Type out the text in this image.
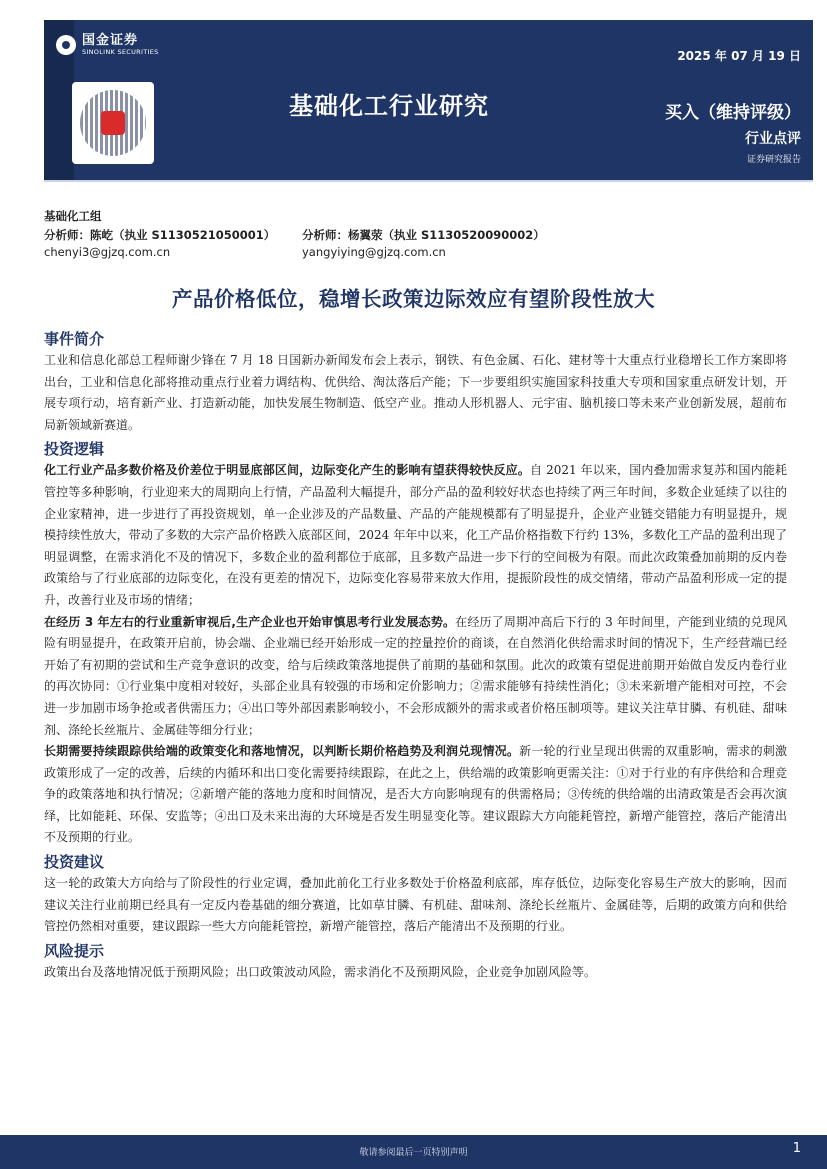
国金证券
SINOLINK SECURITIES
基础化工行业研究
2025 年 07 月 19 日
买入（维持评级）
行业点评
证券研究报告
基础化工组
分析师：陈屹（执业 S1130521050001）
chenyi3@gjzq.com.cn
分析师：杨翼荥（执业 S1130520090002）
yangyiying@gjzq.com.cn
产品价格低位，稳增长政策边际效应有望阶段性放大
事件简介

工业和信息化部总工程师谢少锋在 7 月 18 日国新办新闻发布会上表示，钢铁、有色金属、石化、建材等十大重点行业稳增长工作方案即将出台，工业和信息化部将推动重点行业着力调结构、优供给、淘汰落后产能；下一步要组织实施国家科技重大专项和国家重点研发计划，开展专项行动，培育新产业、打造新动能，加快发展生物制造、低空产业。推动人形机器人、元宇宙、脑机接口等未来产业创新发展，超前布局新领域新赛道。

投资逻辑

化工行业产品多数价格及价差位于明显底部区间，边际变化产生的影响有望获得较快反应。自 2021 年以来，国内叠加需求复苏和国内能耗管控等多种影响，行业迎来大的周期向上行情，产品盈利大幅提升，部分产品的盈利较好状态也持续了两三年时间，多数企业延续了以往的企业家精神，进一步进行了再投资规划，单一企业涉及的产品数量、产品的产能规模都有了明显提升，企业产业链交错能力有明显提升，规模持续性放大，带动了多数的大宗产品价格跌入底部区间，2024 年年中以来，化工产品价格指数下行约 13%，多数化工产品的盈利出现了明显调整，在需求消化不及的情况下，多数企业的盈利都位于底部，且多数产品进一步下行的空间极为有限。而此次政策叠加前期的反内卷政策给与了行业底部的边际变化，在没有更差的情况下，边际变化容易带来放大作用，提振阶段性的成交情绪，带动产品盈利形成一定的提升，改善行业及市场的情绪；

在经历 3 年左右的行业重新审视后,生产企业也开始审慎思考行业发展态势。在经历了周期冲高后下行的 3 年时间里，产能到业绩的兑现风险有明显提升，在政策开启前，协会端、企业端已经开始形成一定的控量控价的商谈，在自然消化供给需求时间的情况下，生产经营端已经开始了有初期的尝试和生产竞争意识的改变，给与后续政策落地提供了前期的基础和氛围。此次的政策有望促进前期开始做自发反内卷行业的再次协同：①行业集中度相对较好，头部企业具有较强的市场和定价影响力；②需求能够有持续性消化；③未来新增产能相对可控，不会进一步加剧市场争抢或者供需压力；④出口等外部因素影响较小，不会形成额外的需求或者价格压制项等。建议关注草甘膦、有机硅、甜味剂、涤纶长丝瓶片、金属硅等细分行业；

长期需要持续跟踪供给端的政策变化和落地情况，以判断长期价格趋势及利润兑现情况。新一轮的行业呈现出供需的双重影响，需求的刺激政策形成了一定的改善，后续的内循环和出口变化需要持续跟踪，在此之上，供给端的政策影响更需关注：①对于行业的有序供给和合理竞争的政策落地和执行情况；②新增产能的落地力度和时间情况，是否大方向影响现有的供需格局；③传统的供给端的出清政策是否会再次演绎，比如能耗、环保、安监等；④出口及未来出海的大环境是否发生明显变化等。建议跟踪大方向能耗管控，新增产能管控，落后产能清出不及预期的行业。

投资建议

这一轮的政策大方向给与了阶段性的行业定调，叠加此前化工行业多数处于价格盈利底部，库存低位，边际变化容易生产放大的影响，因而建议关注行业前期已经具有一定反内卷基础的细分赛道，比如草甘膦、有机硅、甜味剂、涤纶长丝瓶片、金属硅等，后期的政策方向和供给管控仍然相对重要，建议跟踪一些大方向能耗管控，新增产能管控，落后产能清出不及预期的行业。

风险提示

政策出台及落地情况低于预期风险；出口政策波动风险，需求消化不及预期风险，企业竞争加剧风险等。

敬请参阅最后一页特别声明	1
